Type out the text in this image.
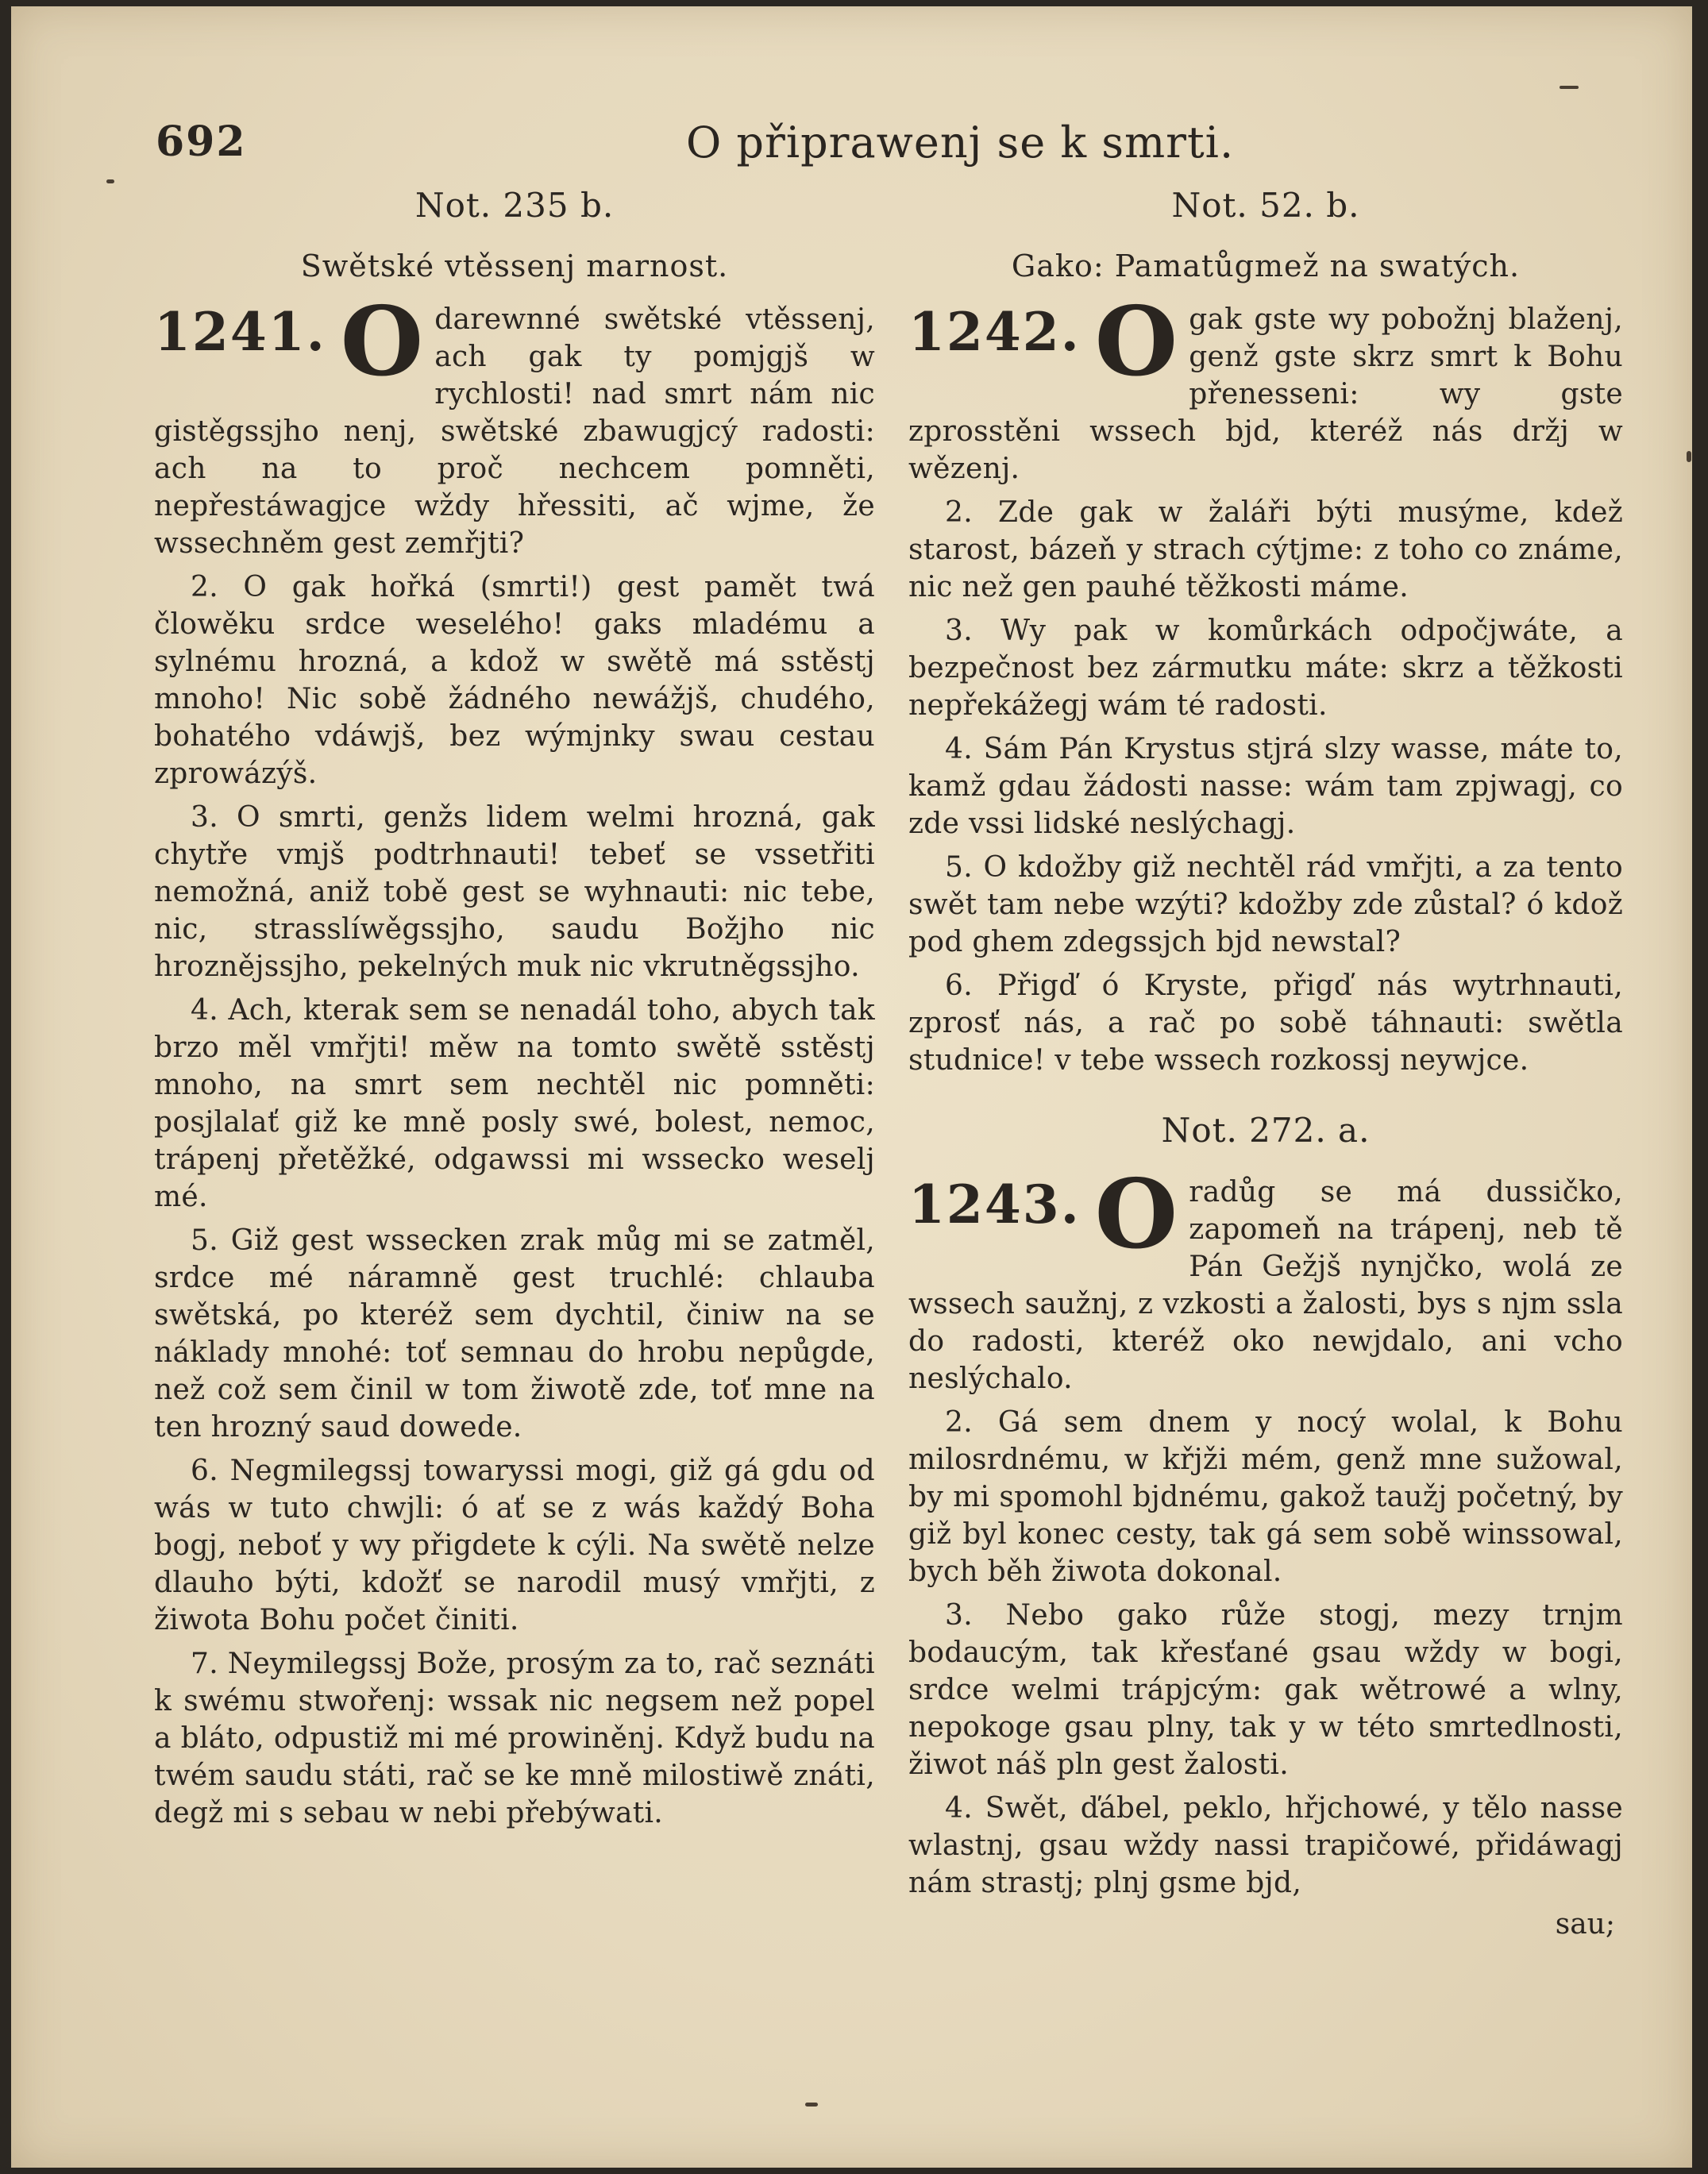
692	O připrawenj se k smrti.
Not. 235 b.
Swětské vtěssenj marnost.
1241. O darewnné swětské vtěssenj, ach gak ty pomjgjš w rychlosti! nad smrt nám nic gistěgssjho nenj, swětské zbawugjcý radosti: ach na to proč nechcem pomněti, nepřestáwagjce wždy hřessiti, ač wjme, že wssechněm gest zemřjti?

2. O gak hořká (smrti!) gest pamět twá člowěku srdce weselého! gaks mladému a sylnému hrozná, a kdož w swětě má sstěstj mnoho! Nic sobě žádného newážjš, chudého, bohatého vdáwjš, bez wýmjnky swau cestau zprowázýš.

3. O smrti, genžs lidem welmi hrozná, gak chytře vmjš podtrhnauti! tebeť se vssetřiti nemožná, aniž tobě gest se wyhnauti: nic tebe, nic, strasslíwěgssjho, saudu Božjho nic hroznějssjho, pekelných muk nic vkrutněgssjho.

4. Ach, kterak sem se nenadál toho, abych tak brzo měl vmřjti! měw na tomto swětě sstěstj mnoho, na smrt sem nechtěl nic pomněti: posjlalať giž ke mně posly swé, bolest, nemoc, trápenj přetěžké, odgawssi mi wssecko weselj mé.

5. Giž gest wssecken zrak můg mi se zatměl, srdce mé náramně gest truchlé: chlauba swětská, po kteréž sem dychtil, činiw na se náklady mnohé: toť semnau do hrobu nepůgde, než což sem činil w tom žiwotě zde, toť mne na ten hrozný saud dowede.

6. Negmilegssj towaryssi mogi, giž gá gdu od wás w tuto chwjli: ó ať se z wás každý Boha bogj, neboť y wy přigdete k cýli. Na swětě nelze dlauho býti, kdožť se narodil musý vmřjti, z žiwota Bohu počet činiti.

7. Neymilegssj Bože, prosým za to, rač seznáti k swému stwořenj: wssak nic negsem než popel a bláto, odpustiž mi mé prowiněnj. Když budu na twém saudu státi, rač se ke mně milostiwě znáti, degž mi s sebau w nebi přebýwati.

Not. 52. b.
Gako: Pamatůgmež na swatých.
1242. O gak gste wy pobožnj blaženj, genž gste skrz smrt k Bohu přenesseni: wy gste zprosstěni wssech bjd, kteréž nás držj w wězenj.

2. Zde gak w žaláři býti musýme, kdež starost, bázeň y strach cýtjme: z toho co známe, nic než gen pauhé těžkosti máme.

3. Wy pak w komůrkách odpočjwáte, a bezpečnost bez zármutku máte: skrz a těžkosti nepřekážegj wám té radosti.

4. Sám Pán Krystus stjrá slzy wasse, máte to, kamž gdau žádosti nasse: wám tam zpjwagj, co zde vssi lidské neslýchagj.

5. O kdožby giž nechtěl rád vmřjti, a za tento swět tam nebe wzýti? kdožby zde zůstal? ó kdož pod ghem zdegssjch bjd newstal?

6. Přigď ó Kryste, přigď nás wytrhnauti, zprosť nás, a rač po sobě táhnauti: swětla studnice! v tebe wssech rozkossj neywjce.

Not. 272. a.
1243. O radůg se má dussičko, zapomeň na trápenj, neb tě Pán Gežjš nynjčko, wolá ze wssech saužnj, z vzkosti a žalosti, bys s njm ssla do radosti, kteréž oko newjdalo, ani vcho neslýchalo.

2. Gá sem dnem y nocý wolal, k Bohu milosrdnému, w křjži mém, genž mne sužowal, by mi spomohl bjdnému, gakož taužj početný, by giž byl konec cesty, tak gá sem sobě winssowal, bych běh žiwota dokonal.

3. Nebo gako růže stogj, mezy trnjm bodaucým, tak křesťané gsau wždy w bogi, srdce welmi trápjcým: gak wětrowé a wlny, nepokoge gsau plny, tak y w této smrtedlnosti, žiwot náš pln gest žalosti.

4. Swět, ďábel, peklo, hřjchowé, y tělo nasse wlastnj, gsau wždy nassi trapičowé, přidáwagj nám strastj; plnj gsme bjd,

sau;
